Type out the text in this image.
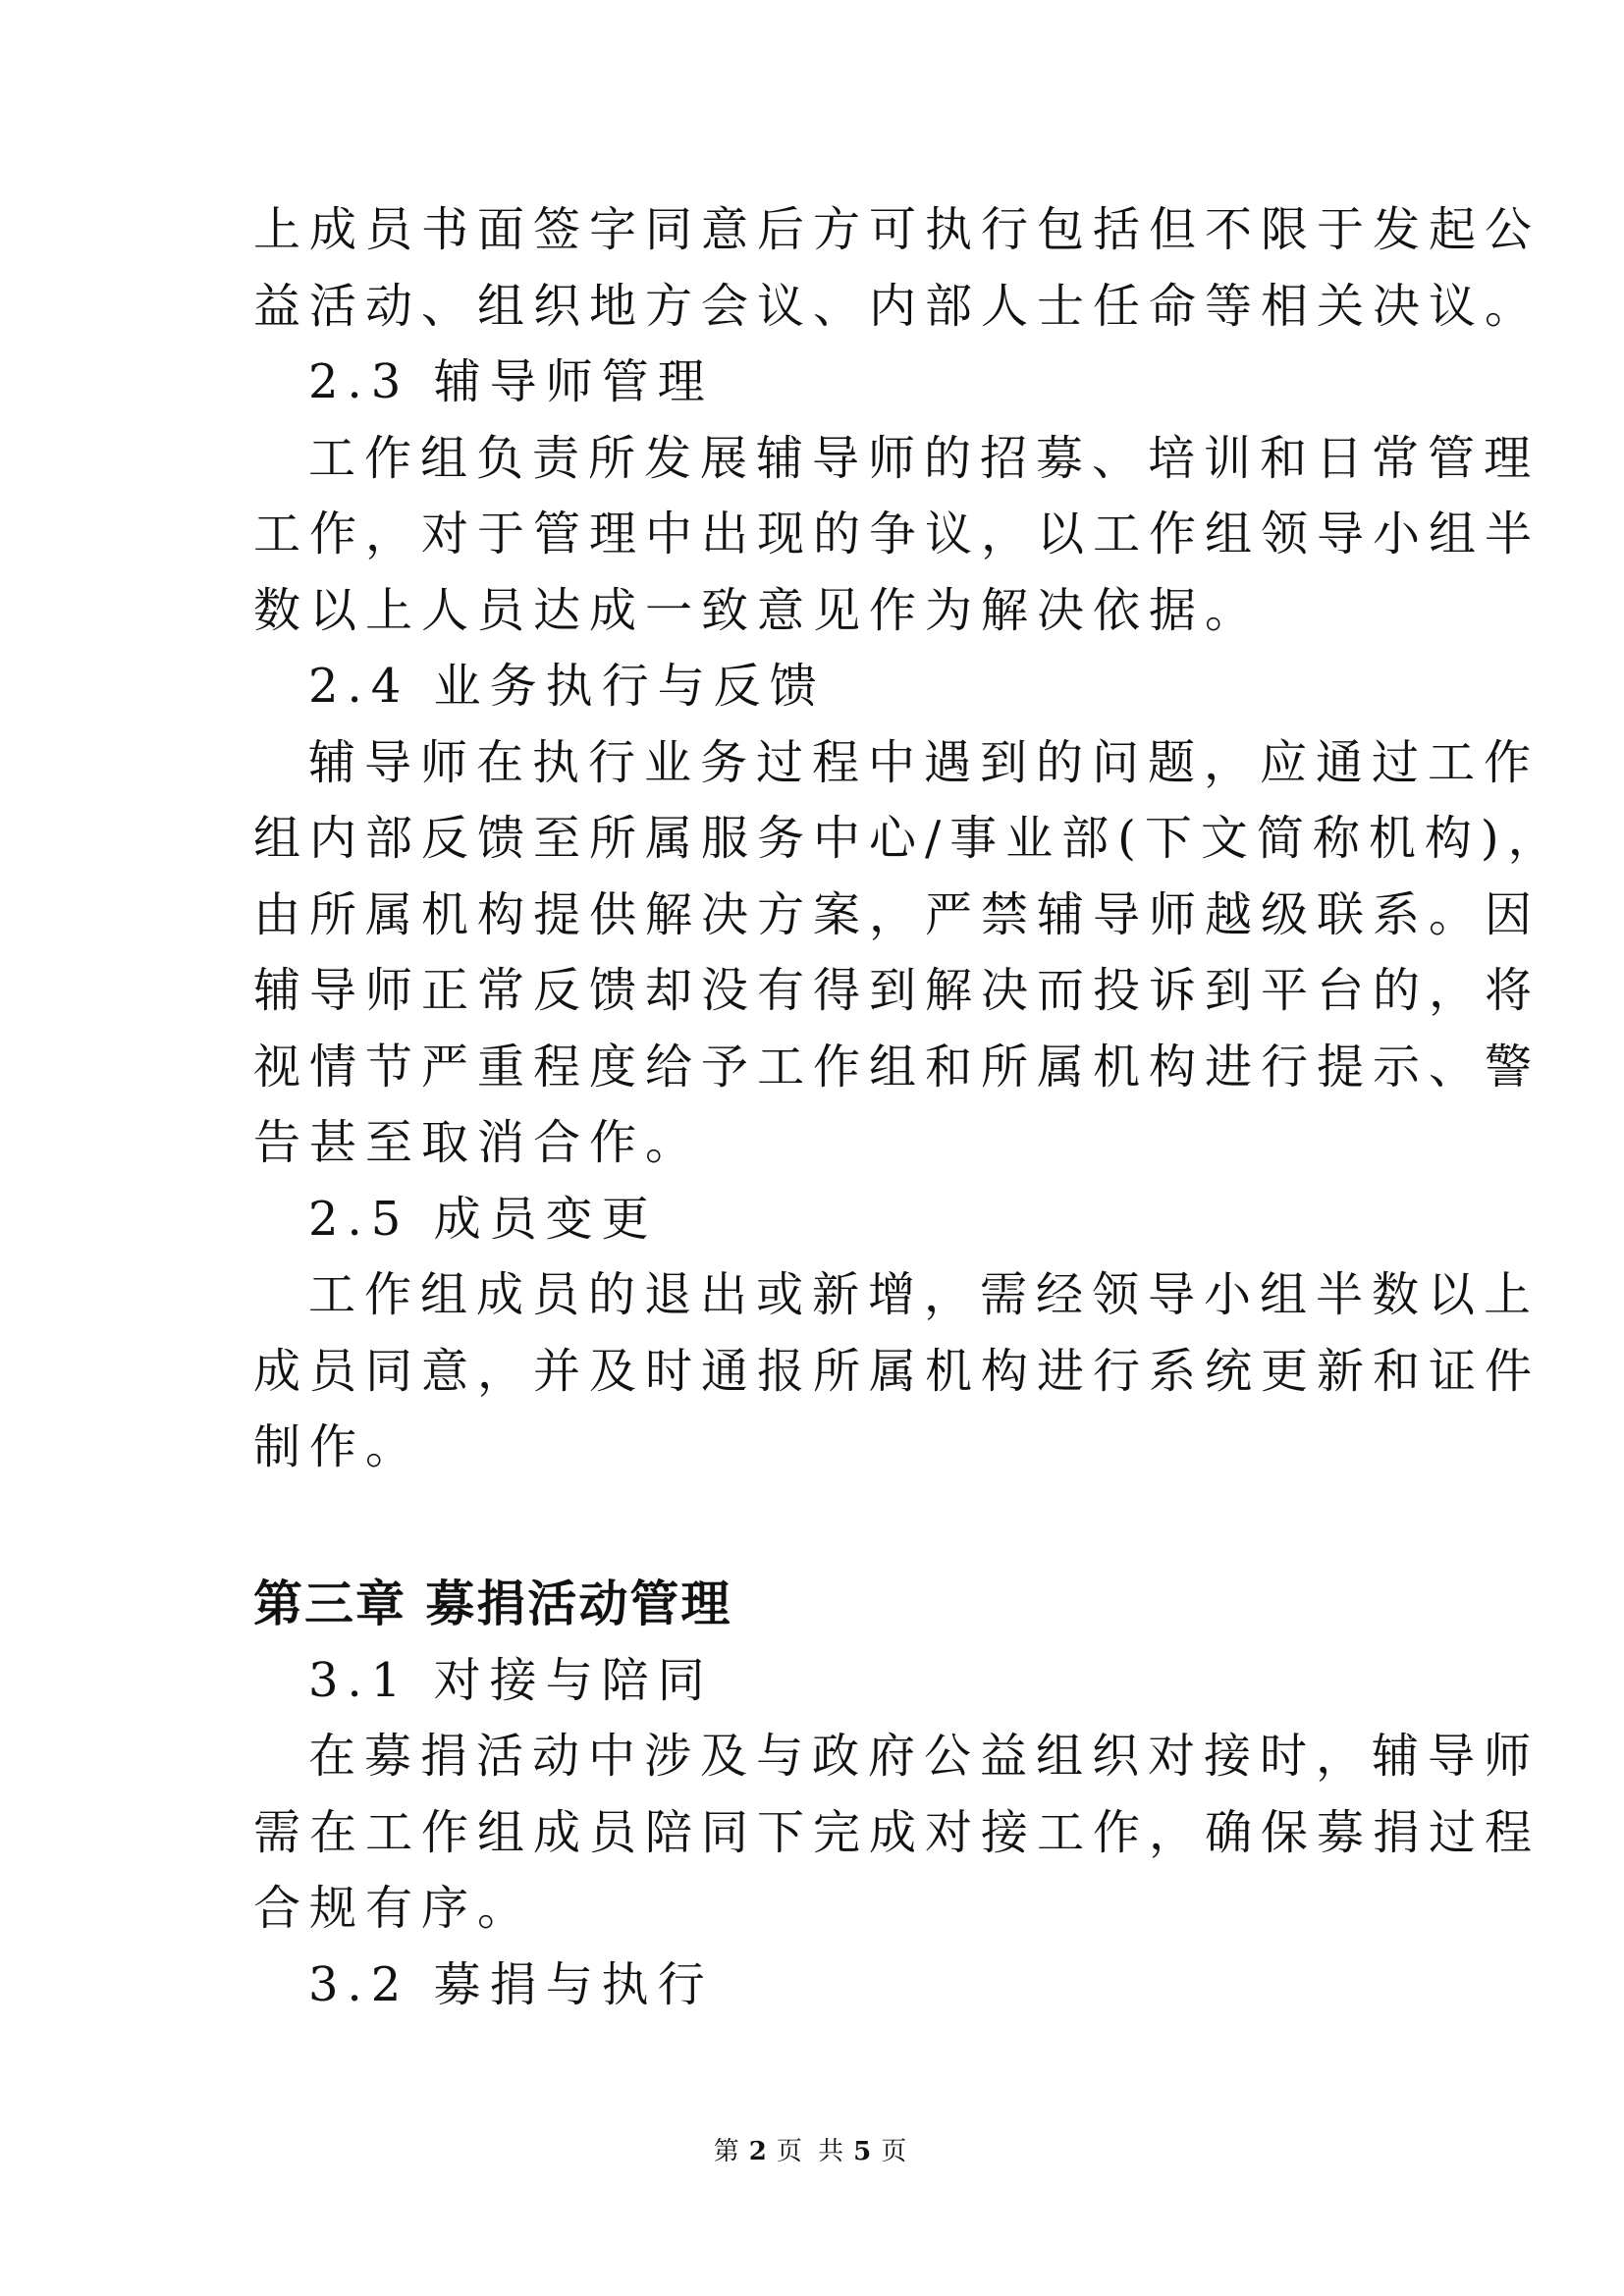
上成员书面签字同意后方可执行包括但不限于发起公
益活动、组织地方会议、内部人士任命等相关决议。
2.3 辅导师管理
工作组负责所发展辅导师的招募、培训和日常管理
工作，对于管理中出现的争议，以工作组领导小组半
数以上人员达成一致意见作为解决依据。
2.4 业务执行与反馈
辅导师在执行业务过程中遇到的问题，应通过工作
组内部反馈至所属服务中心/事业部(下文简称机构)，
由所属机构提供解决方案，严禁辅导师越级联系。因
辅导师正常反馈却没有得到解决而投诉到平台的，将
视情节严重程度给予工作组和所属机构进行提示、警
告甚至取消合作。
2.5 成员变更
工作组成员的退出或新增，需经领导小组半数以上
成员同意，并及时通报所属机构进行系统更新和证件
制作。
第三章 募捐活动管理
3.1 对接与陪同
在募捐活动中涉及与政府公益组织对接时，辅导师
需在工作组成员陪同下完成对接工作，确保募捐过程
合规有序。
3.2 募捐与执行
第 2 页 共 5 页
